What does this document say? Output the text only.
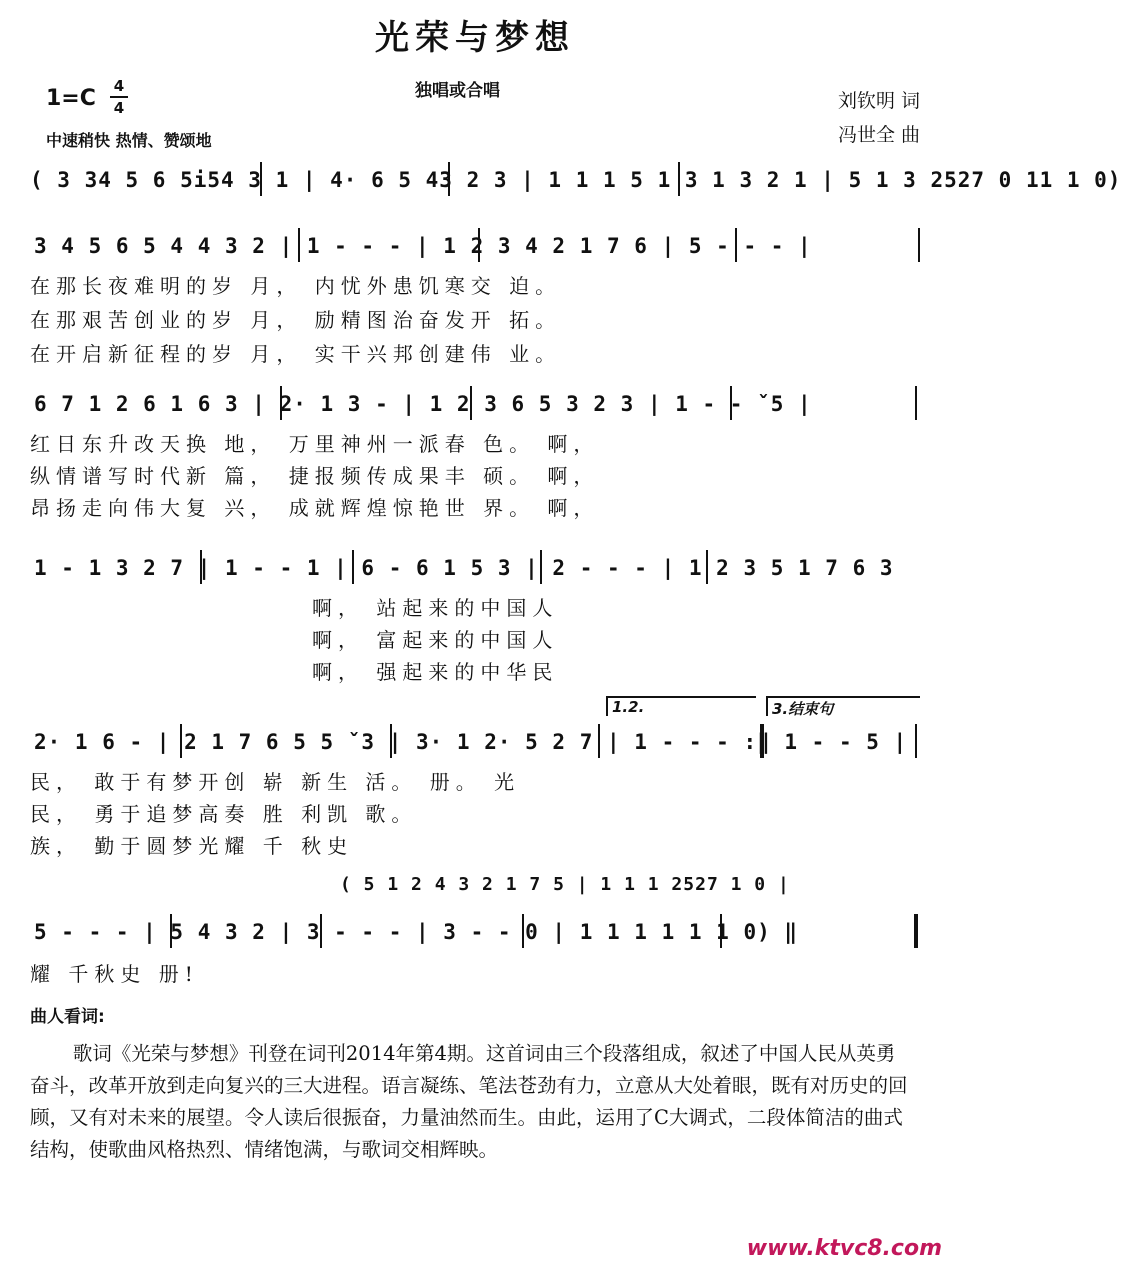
光荣与梦想
1=C 4
4
独唱或合唱
中速稍快 热情、赞颂地
刘钦明 词
冯世全 曲
( 3 34 5 6 5i54 3 1 | 4· 6 5 43 2 3 | 1 1 1 5 1 3 1 3 2 1 | 5 1 3 2527 0 11 1 0)
3 4 5 6 5 4 4 3 2 | 1 - - - | 1 2 3 4 2 1 7 6 | 5 - - - |
在那长夜难明的岁 月， 内忧外患饥寒交 迫。
在那艰苦创业的岁 月， 励精图治奋发开 拓。
在开启新征程的岁 月， 实干兴邦创建伟 业。
6 7 1 2 6 1 6 3 | 2· 1 3 - | 1 2 3 6 5 3 2 3 | 1 - - ˇ5 |
红日东升改天换 地， 万里神州一派春 色。 啊，
纵情谱写时代新 篇， 捷报频传成果丰 硕。 啊，
昂扬走向伟大复 兴， 成就辉煌惊艳世 界。 啊，
1 - 1 3 2 7 | 1 - - 1 | 6 - 6 1 5 3 | 2 - - - | 1 2 3 5 1 7 6 3
啊， 站起来的中国人
啊， 富起来的中国人
啊， 强起来的中华民
1.2.	3.结束句
2· 1 6 - | 2 1 7 6 5 5 ˇ3 | 3· 1 2· 5 2 7 | 1 - - - :‖ 1 - - 5 |
民， 敢于有梦开创 崭 新生 活。 册。 光
民， 勇于追梦高奏 胜 利凯 歌。
族， 勤于圆梦光耀 千 秋史
( 5 1 2 4 3 2 1 7 5 | 1 1 1 2527 1 0 |
5 - - - | 5 4 3 2 | 3 - - - | 3 - - 0 | 1 1 1 1 1 1 0) ‖
耀 千秋史 册!
曲人看词:
歌词《光荣与梦想》刊登在词刊2014年第4期。这首词由三个段落组成，叙述了中国人民从英勇奋斗，改革开放到走向复兴的三大进程。语言凝练、笔法苍劲有力，立意从大处着眼，既有对历史的回顾，又有对未来的展望。令人读后很振奋，力量油然而生。由此，运用了C大调式，二段体简洁的曲式结构，使歌曲风格热烈、情绪饱满，与歌词交相辉映。
www.ktvc8.com
